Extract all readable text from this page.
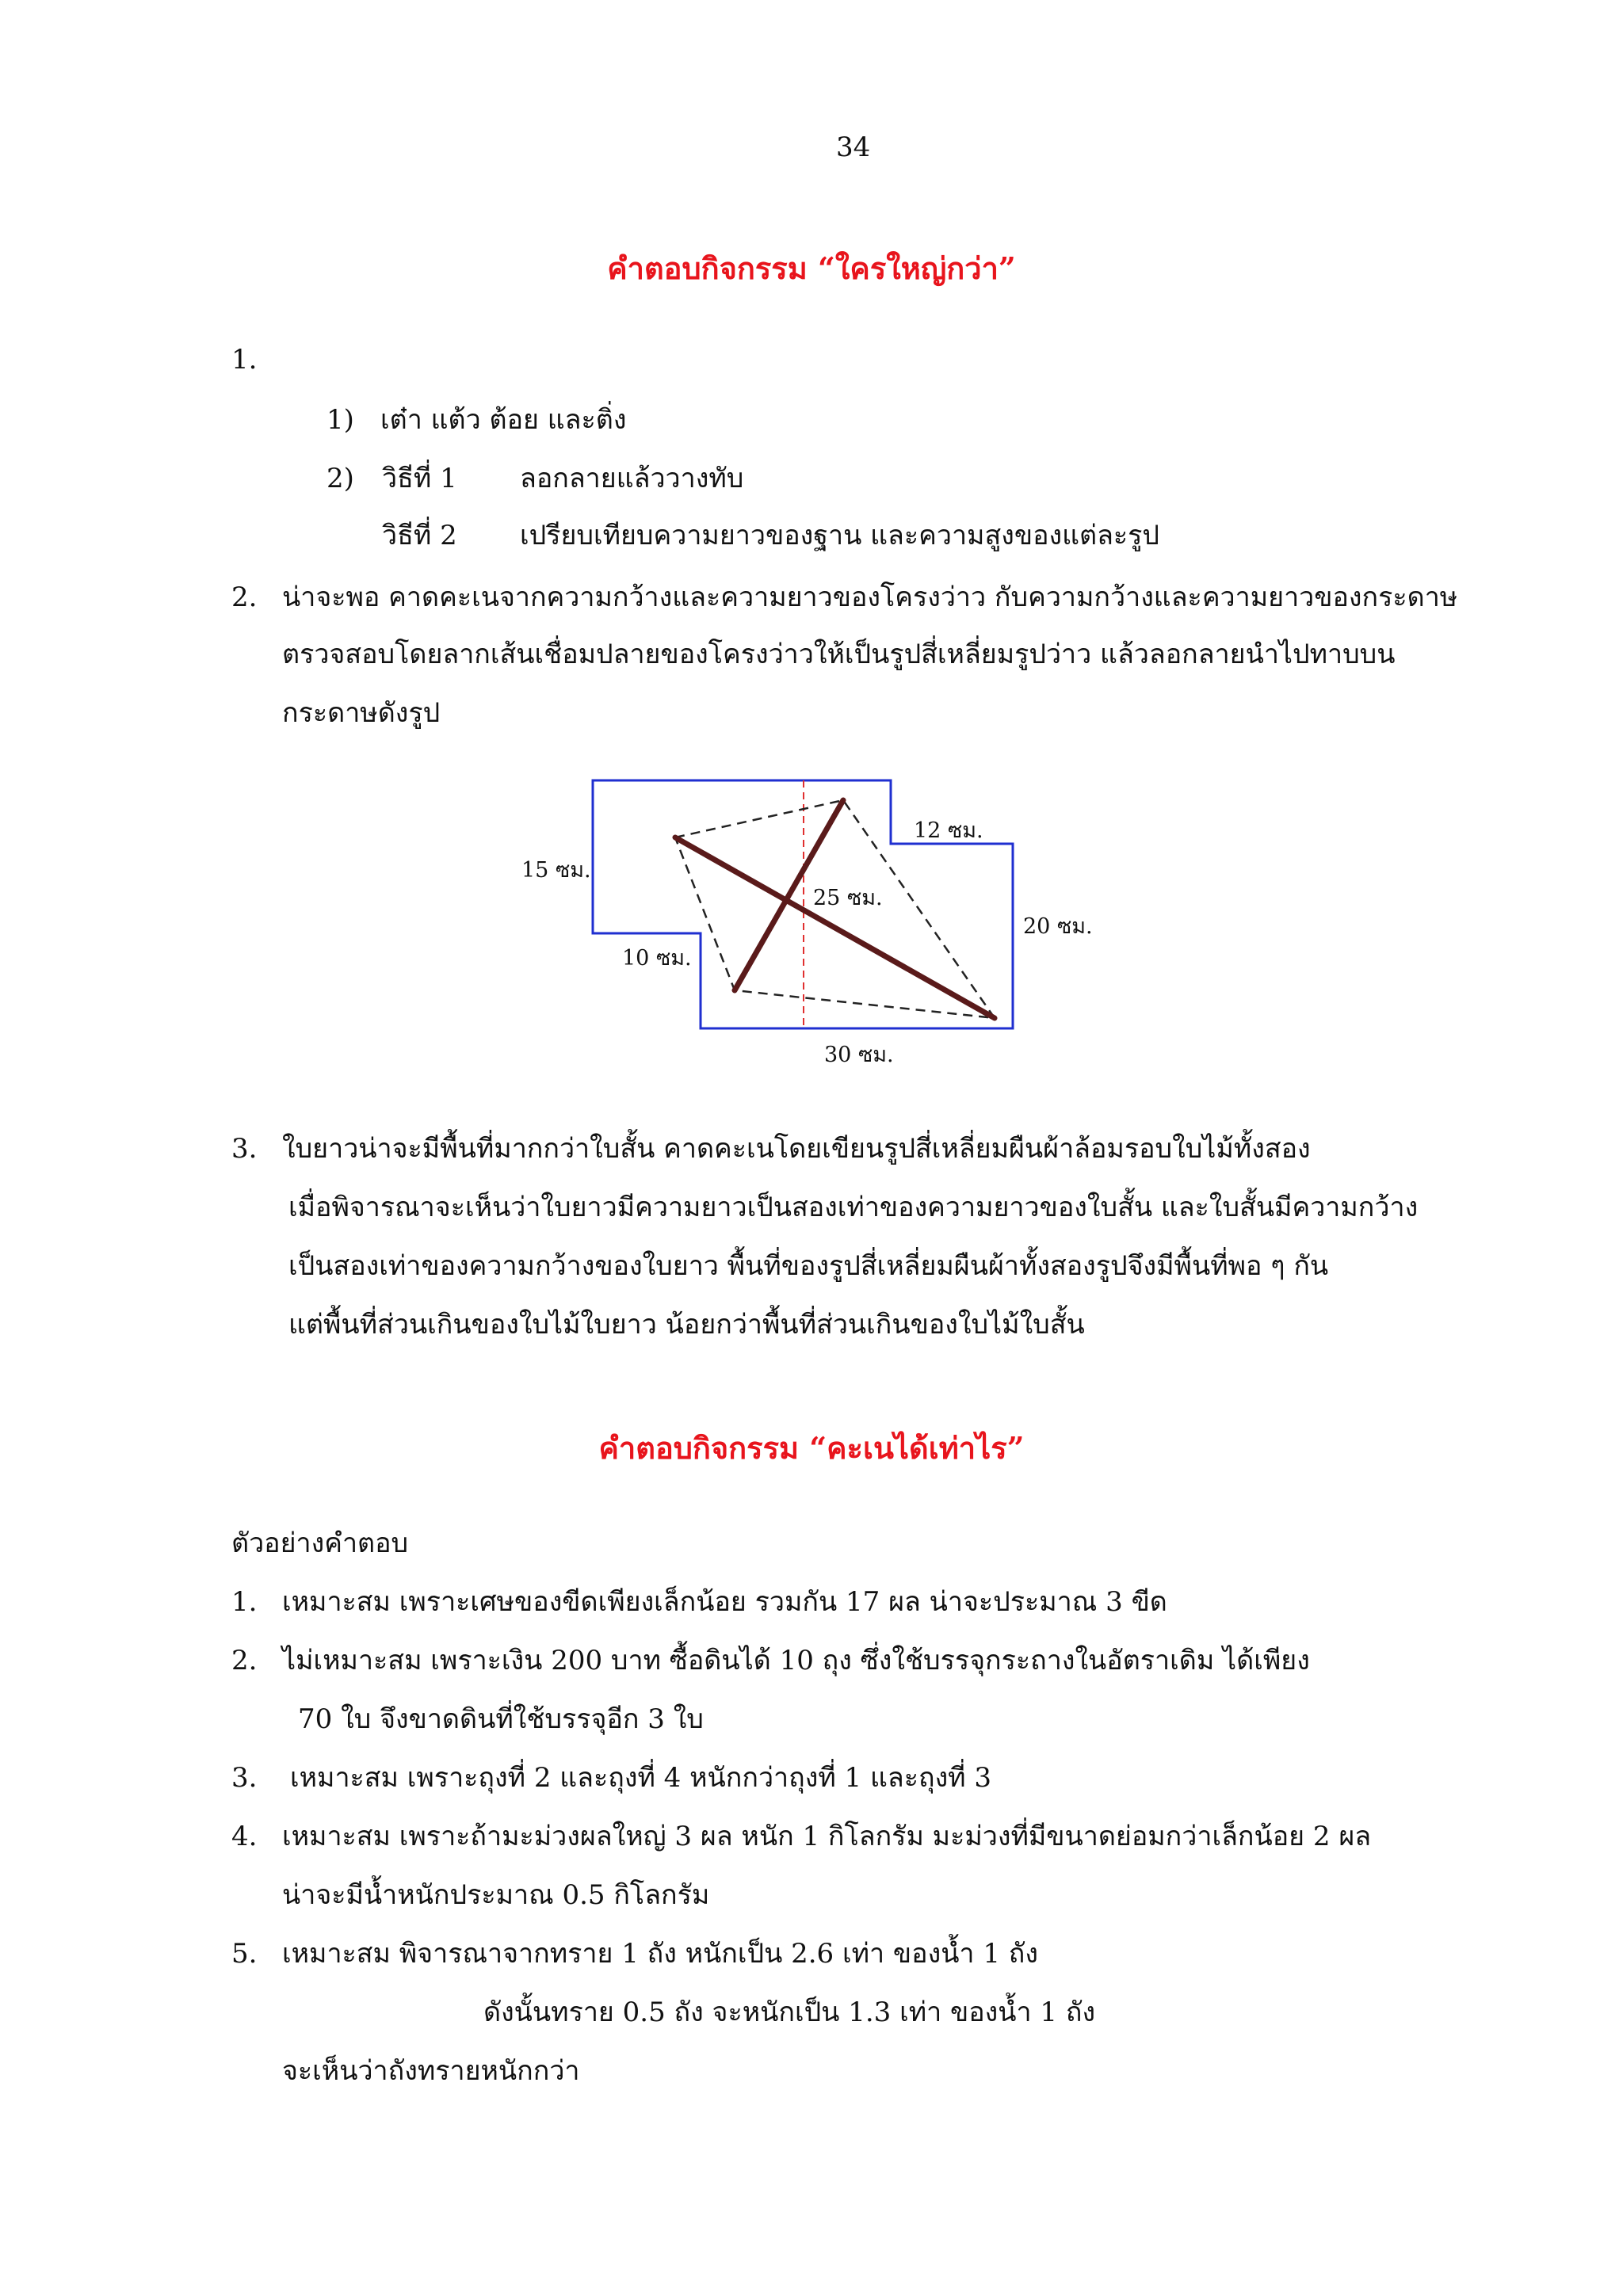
34
คำตอบกิจกรรม “ใครใหญ่กว่า”
1.
1) เต๋า แต้ว ต้อย และติ่ง
2) วิธีที่ 1 ลอกลายแล้ววางทับ
วิธีที่ 2 เปรียบเทียบความยาวของฐาน และความสูงของแต่ละรูป
2. น่าจะพอ คาดคะเนจากความกว้างและความยาวของโครงว่าว กับความกว้างและความยาวของกระดาษ
ตรวจสอบโดยลากเส้นเชื่อมปลายของโครงว่าวให้เป็นรูปสี่เหลี่ยมรูปว่าว แล้วลอกลายนำไปทาบบน
กระดาษดังรูป
12 ซม.
15 ซม.
25 ซม.
20 ซม.
10 ซม.
30 ซม.
3. ใบยาวน่าจะมีพื้นที่มากกว่าใบสั้น คาดคะเนโดยเขียนรูปสี่เหลี่ยมผืนผ้าล้อมรอบใบไม้ทั้งสอง
เมื่อพิจารณาจะเห็นว่าใบยาวมีความยาวเป็นสองเท่าของความยาวของใบสั้น และใบสั้นมีความกว้าง
เป็นสองเท่าของความกว้างของใบยาว พื้นที่ของรูปสี่เหลี่ยมผืนผ้าทั้งสองรูปจึงมีพื้นที่พอ ๆ กัน
แต่พื้นที่ส่วนเกินของใบไม้ใบยาว น้อยกว่าพื้นที่ส่วนเกินของใบไม้ใบสั้น
คำตอบกิจกรรม “คะเนได้เท่าไร”
ตัวอย่างคำตอบ
1. เหมาะสม เพราะเศษของขีดเพียงเล็กน้อย รวมกัน 17 ผล น่าจะประมาณ 3 ขีด
2. ไม่เหมาะสม เพราะเงิน 200 บาท ซื้อดินได้ 10 ถุง ซึ่งใช้บรรจุกระถางในอัตราเดิม ได้เพียง
70 ใบ จึงขาดดินที่ใช้บรรจุอีก 3 ใบ
3. เหมาะสม เพราะถุงที่ 2 และถุงที่ 4 หนักกว่าถุงที่ 1 และถุงที่ 3
4. เหมาะสม เพราะถ้ามะม่วงผลใหญ่ 3 ผล หนัก 1 กิโลกรัม มะม่วงที่มีขนาดย่อมกว่าเล็กน้อย 2 ผล
น่าจะมีน้ำหนักประมาณ 0.5 กิโลกรัม
5. เหมาะสม พิจารณาจากทราย 1 ถัง หนักเป็น 2.6 เท่า ของน้ำ 1 ถัง
ดังนั้นทราย 0.5 ถัง จะหนักเป็น 1.3 เท่า ของน้ำ 1 ถัง
จะเห็นว่าถังทรายหนักกว่า
